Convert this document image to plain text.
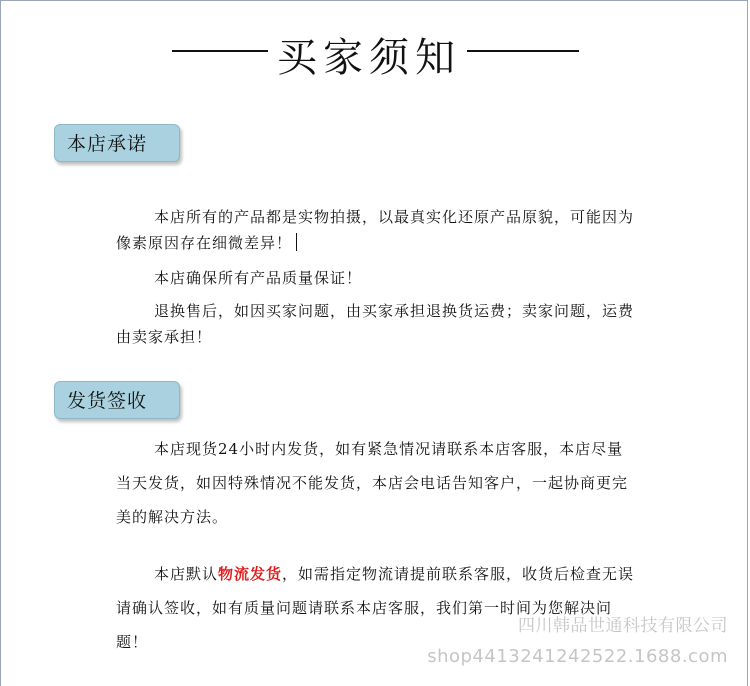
买家须知
本店承诺
本店所有的产品都是实物拍摄，以最真实化还原产品原貌，可能因为像素原因存在细微差异！
本店确保所有产品质量保证！
退换售后，如因买家问题，由买家承担退换货运费；卖家问题，运费由卖家承担！
发货签收
本店现货24小时内发货，如有紧急情况请联系本店客服，本店尽量当天发货，如因特殊情况不能发货，本店会电话告知客户，一起协商更完美的解决方法。
本店默认物流发货，如需指定物流请提前联系客服，收货后检查无误请确认签收，如有质量问题请联系本店客服，我们第一时间为您解决问题！
四川韩品世通科技有限公司
shop4413241242522.1688.com
